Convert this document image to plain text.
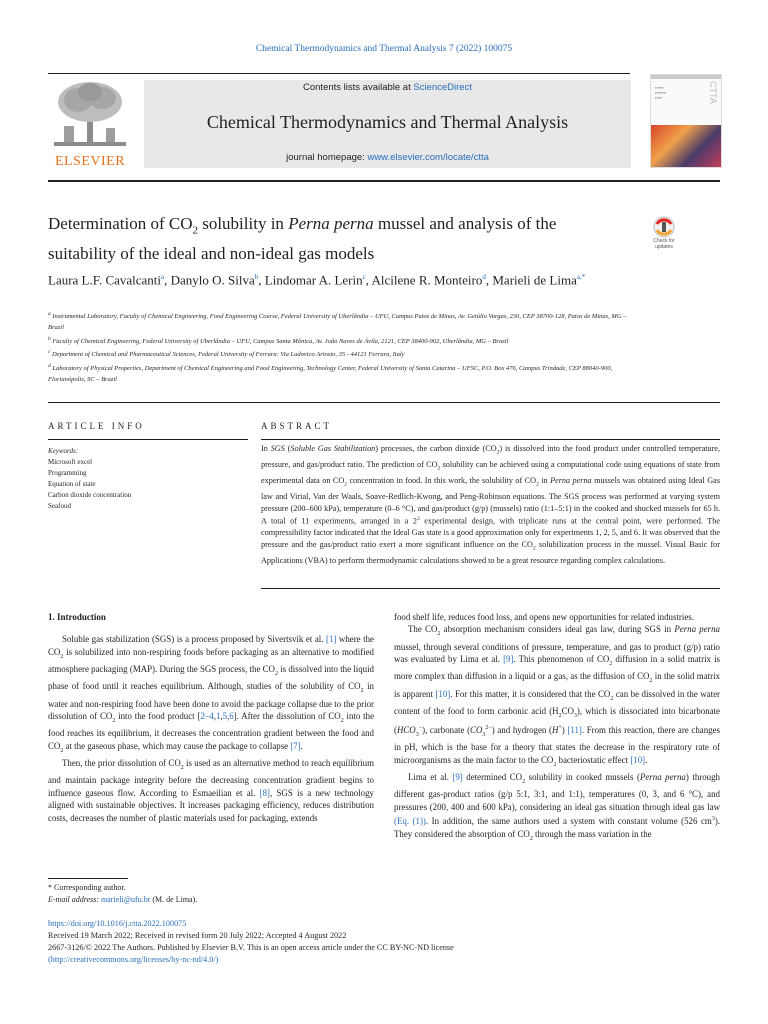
Chemical Thermodynamics and Thermal Analysis 7 (2022) 100075
ELSEVIER
Contents lists available at ScienceDirect
Chemical Thermodynamics and Thermal Analysis
journal homepage: www.elsevier.com/locate/ctta
▪▪▪▪▪▪
▪▪▪▪▪▪▪▪
▪▪▪▪▪	CTTA
Determination of $CO_2$ solubility in Perna perna mussel and analysis of the suitability of the ideal and non-ideal gas models
Check for updates
Laura L.F. Cavalcanti$^a$, Danylo O. Silva$^b$, Lindomar A. Lerin$^c$, Alcilene R. Monteiro$^d$, Marieli de Lima$^{a,*}$

$^a$ Instrumental Laboratory, Faculty of Chemical Engineering, Food Engineering Course, Federal University of Uberlândia – UFU, Campus Patos de Minas, Av. Getúlio Vargas, 230, CEP 38700-128, Patos de Minas, MG – Brazil

$^b$ Faculty of Chemical Engineering, Federal University of Uberlândia – UFU, Campus Santa Mônica, Av. João Naves de Ávila, 2121, CEP 38400-902, Uberlândia, MG – Brazil

$^c$ Department of Chemical and Pharmaceutical Sciences, Federal University of Ferrara: Via Ludovico Ariosto, 35 - 44121 Ferrara, Italy

$^d$ Laboratory of Physical Properties, Department of Chemical Engineering and Food Engineering, Technology Center, Federal University of Santa Catarina – UFSC, P.O. Box 476, Campus Trindade, CEP 88040-900, Florianópolis, SC – Brazil

ARTICLE INFO	ABSTRACT
Keywords:
Microsoft excel
Programming
Equation of state
Carbon dioxide concentration
Seafood
In SGS (Soluble Gas Stabilization) processes, the carbon dioxide $(CO_2)$ is dissolved into the food product under controlled temperature, pressure, and gas/product ratio. The prediction of $CO_2$ solubility can be achieved using a computational code using equations of state from experimental data on $CO_2$ concentration in food. In this work, the solubility of $CO_2$ in Perna perna mussels was obtained using Ideal Gas law and Virial, Van der Waals, Soave-Redlich-Kwong, and Peng-Robinson equations. The SGS process was performed at varying system pressure (200–600 kPa), temperature (0–6 °C), and gas/product (g/p) (mussels) ratio (1:1–5:1) in the cooked and shucked mussels for 65 h. A total of 11 experiments, arranged in a $2^3$ experimental design, with triplicate runs at the central point, were performed. The compressibility factor indicated that the Ideal Gas state is a good approximation only for experiments 1, 2, 5, and 6. It was observed that the pressure and the gas/product ratio exert a more significant influence on the $CO_2$ solubilization process in the mussel. Visual Basic for Applications (VBA) to perform thermodynamic calculations showed to be a great resource regarding complex calculations.
1. Introduction

Soluble gas stabilization (SGS) is a process proposed by Sivertsvik et al. [1] where the $CO_2$ is solubilized into non-respiring foods before packaging as an alternative to modified atmosphere packaging (MAP). During the SGS process, the $CO_2$ is dissolved into the liquid phase of food until it reaches equilibrium. Although, studies of the solubility of $CO_2$ in water and non-respiring food have been done to avoid the package collapse due to the prior dissolution of $CO_2$ into the food product [2–4,1,5,6]. After the dissolution of $CO_2$ into the food reaches its equilibrium, it decreases the concentration gradient between the food and $CO_2$ at the gaseous phase, which may cause the package to collapse [7].

Then, the prior dissolution of $CO_2$ is used as an alternative method to reach equilibrium and maintain package integrity before the decreasing concentration gradient begins to influence gaseous flow. According to Esmaeilian et al. [8], SGS is a new technology aligned with sustainable objectives. It increases packaging efficiency, reduces distribution costs, decreases the number of plastic materials used for packaging, extends

food shelf life, reduces food loss, and opens new opportunities for related industries.

The $CO_2$ absorption mechanism considers ideal gas law, during SGS in Perna perna mussel, through several conditions of pressure, temperature, and gas to product (g/p) ratio was evaluated by Lima et al. [9]. This phenomenon of $CO_2$ diffusion in a solid matrix is more complex than diffusion in a liquid or a gas, as the diffusion of $CO_2$ in the solid matrix is apparent [10]. For this matter, it is considered that the $CO_2$ can be dissolved in the water content of the food to form carbonic acid $(H_2CO_3)$, which is dissociated into bicarbonate $(HCO_3^-)$, carbonate $(CO_3^{2-})$ and hydrogen (H+) [11]. From this reaction, there are changes in pH, which is the base for a theory that states the decrease in the respiratory rate of microorganisms as the main factor to the $CO_2$ bacteriostatic effect [10].

Lima et al. [9] determined $CO_2$ solubility in cooked mussels (Perna perna) through different gas-product ratios (g/p 5:1, 3:1, and 1:1), temperatures (0, 3, and 6 °C), and pressures (200, 400 and 600 kPa), considering an ideal gas situation through ideal gas law (Eq. (1)). In addition, the same authors used a system with constant volume (526 $cm^3$). They considered the absorption of $CO_2$ through the mass variation in the

* Corresponding author.
E-mail address: marieli@ufu.br (M. de Lima).
https://doi.org/10.1016/j.ctta.2022.100075
Received 19 March 2022; Received in revised form 20 July 2022; Accepted 4 August 2022
2667-3126/© 2022 The Authors. Published by Elsevier B.V. This is an open access article under the CC BY-NC-ND license
(http://creativecommons.org/licenses/by-nc-nd/4.0/)
